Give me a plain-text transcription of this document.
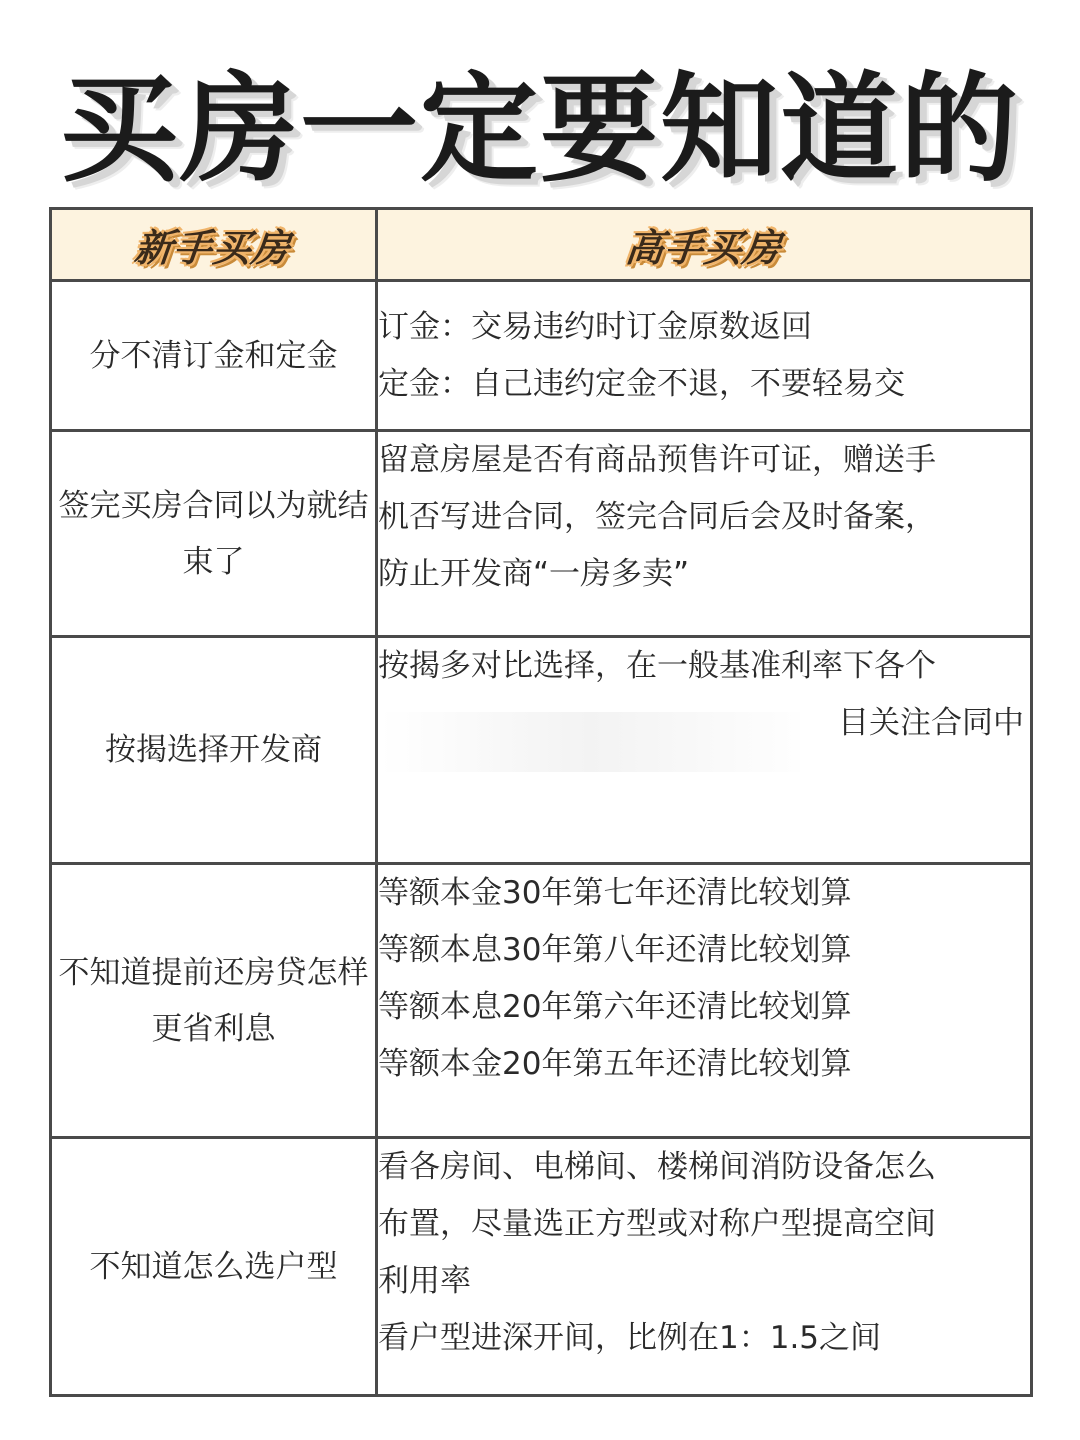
买房一定要知道的
新手买房	高手买房
分不清订金和定金	订金：交易违约时订金原数返回
定金：自己违约定金不退，不要轻易交

签完买房合同以为就结束了	留意房屋是否有商品预售许可证，赠送手
机否写进合同，签完合同后会及时备案，
防止开发商“一房多卖”

按揭选择开发商	按揭多对比选择，在一般基准利率下各个
目关注合同中

不知道提前还房贷怎样更省利息	等额本金30年第七年还清比较划算
等额本息30年第八年还清比较划算
等额本息20年第六年还清比较划算
等额本金20年第五年还清比较划算

不知道怎么选户型	看各房间、电梯间、楼梯间消防设备怎么
布置，尽量选正方型或对称户型提高空间
利用率
看户型进深开间，比例在1：1.5之间
